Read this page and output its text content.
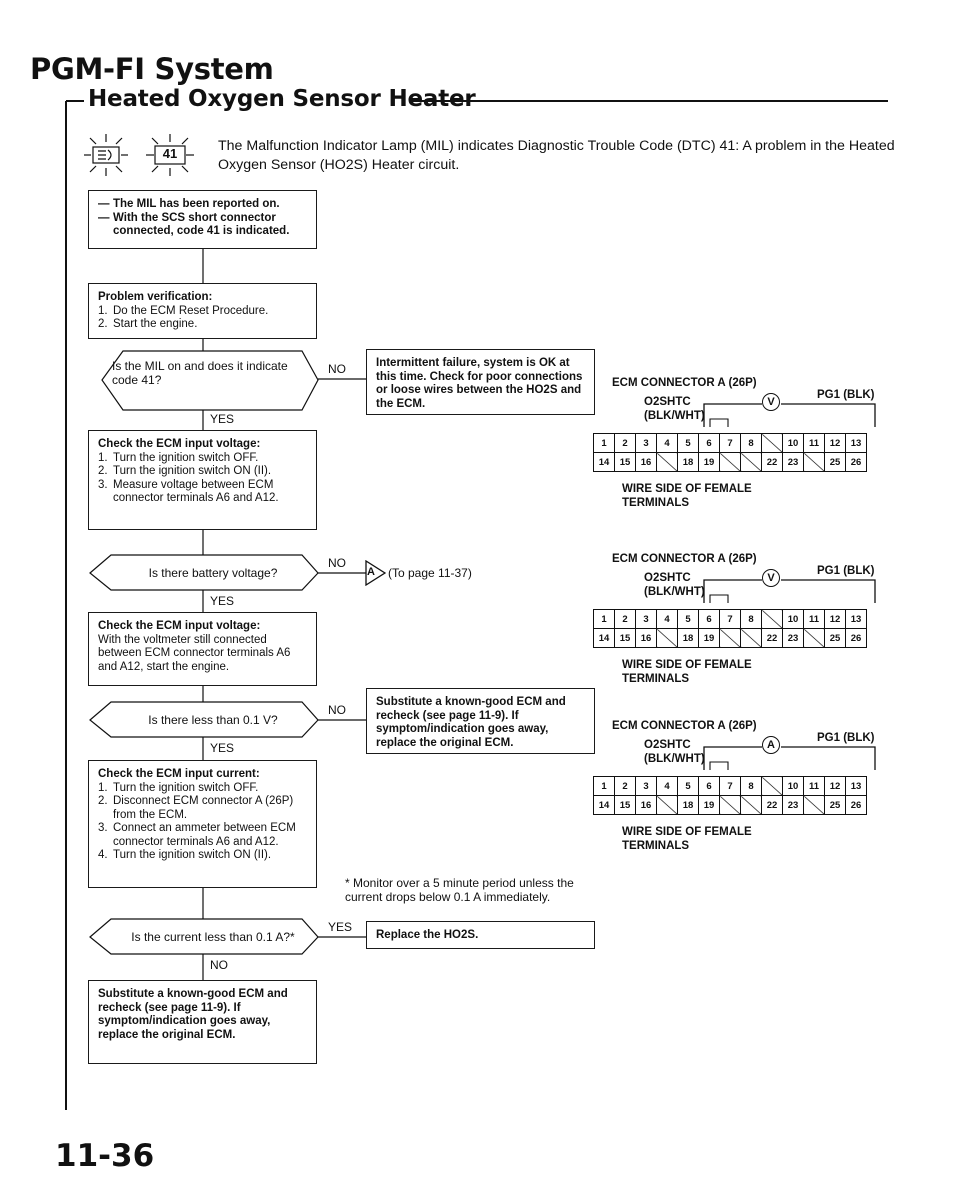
PGM-FI System
Heated Oxygen Sensor Heater
41	The Malfunction Indicator Lamp (MIL) indicates Diagnostic Trouble Code (DTC) 41: A problem in the Heated Oxygen Sensor (HO2S) Heater circuit.
— The MIL has been reported on.
— With the SCS short connector connected, code 41 is indicated.
Problem verification:
1. Do the ECM Reset Procedure.
2. Start the engine.
Is the MIL on and does it indicate code 41?
NO
YES
Intermittent failure, system is OK at this time. Check for poor connections or loose wires between the HO2S and the ECM.
Check the ECM input voltage:
1. Turn the ignition switch OFF.
2. Turn the ignition switch ON (II).
3. Measure voltage between ECM connector terminals A6 and A12.
Is there battery voltage?
NO
YES
A (To page 11-37)
Check the ECM input voltage:
With the voltmeter still connected between ECM connector terminals A6 and A12, start the engine.
Is there less than 0.1 V?
NO
YES
Substitute a known-good ECM and recheck (see page 11-9). If symptom/indication goes away, replace the original ECM.
Check the ECM input current:
1. Turn the ignition switch OFF.
2. Disconnect ECM connector A (26P) from the ECM.
3. Connect an ammeter between ECM connector terminals A6 and A12.
4. Turn the ignition switch ON (II).
* Monitor over a 5 minute period unless the current drops below 0.1 A immediately.
Is the current less than 0.1 A?*
YES
NO
Replace the HO2S.
Substitute a known-good ECM and recheck (see page 11-9). If symptom/indication goes away, replace the original ECM.
ECM CONNECTOR A (26P)
O2SHTC
(BLK/WHT)
PG1 (BLK)
V
1	2	3	4	5	6	7	8		10	11	12	13
14	15	16		18	19			22	23		25	26
WIRE SIDE OF FEMALE
TERMINALS
ECM CONNECTOR A (26P)
O2SHTC
(BLK/WHT)
PG1 (BLK)
V
1	2	3	4	5	6	7	8		10	11	12	13
14	15	16		18	19			22	23		25	26
WIRE SIDE OF FEMALE
TERMINALS
ECM CONNECTOR A (26P)
O2SHTC
(BLK/WHT)
PG1 (BLK)
A
1	2	3	4	5	6	7	8		10	11	12	13
14	15	16		18	19			22	23		25	26
WIRE SIDE OF FEMALE
TERMINALS
11-36
